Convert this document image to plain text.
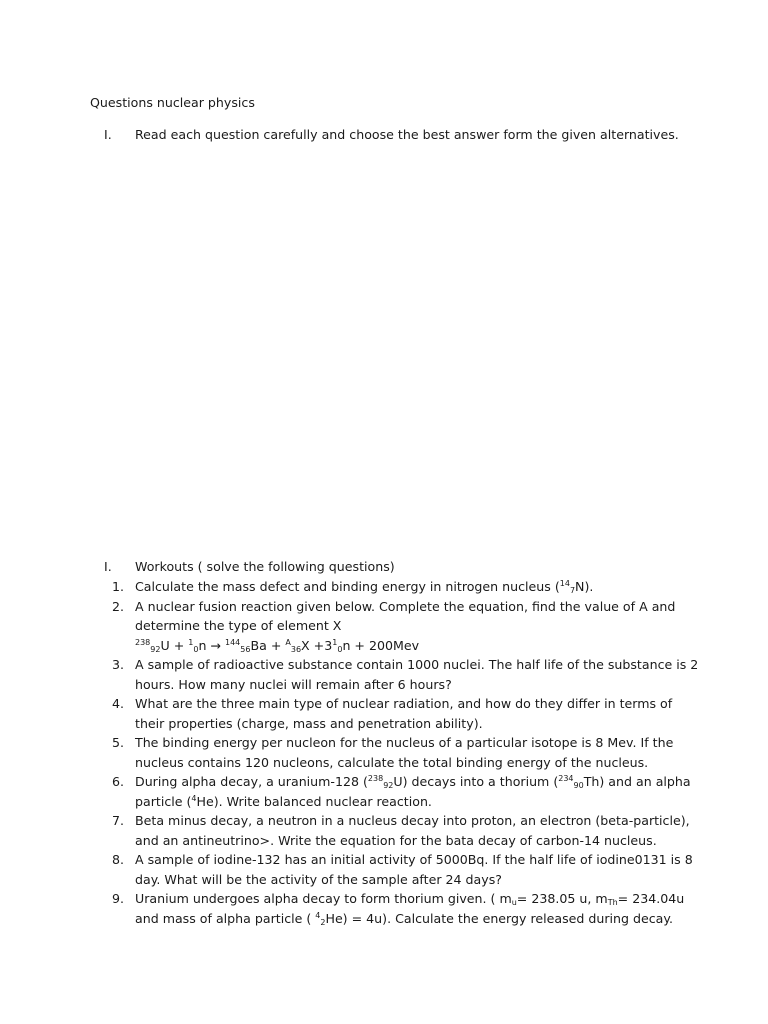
Questions nuclear physics
I. Read each question carefully and choose the best answer form the given alternatives.
I. Workouts ( solve the following questions)
1. Calculate the mass defect and binding energy in nitrogen nucleus ($^{14}_7$N).
2. A nuclear fusion reaction given below. Complete the equation, find the value of A and
determine the type of element X
$^{238}_{92}U + ^1_0n \to ^{144}_{56}Ba + ^A_{36}X +3^1_0n + 200Mev$
3. A sample of radioactive substance contain 1000 nuclei. The half life of the substance is 2
hours. How many nuclei will remain after 6 hours?
4. What are the three main type of nuclear radiation, and how do they differ in terms of
their properties (charge, mass and penetration ability).
5. The binding energy per nucleon for the nucleus of a particular isotope is 8 Mev. If the
nucleus contains 120 nucleons, calculate the total binding energy of the nucleus.
6. During alpha decay, a uranium-128 ($^{238}_{92}$U) decays into a thorium ($^{234}_{90}$Th) and an alpha
particle ($^4$He). Write balanced nuclear reaction.
7. Beta minus decay, a neutron in a nucleus decay into proton, an electron (beta-particle),
and an antineutrino>. Write the equation for the bata decay of carbon-14 nucleus.
8. A sample of iodine-132 has an initial activity of 5000Bq. If the half life of iodine0131 is 8
day. What will be the activity of the sample after 24 days?
9. Uranium undergoes alpha decay to form thorium given. ( $m_u= 238.05$ u, $m_{Th}= 234.04u$
and mass of alpha particle ( $^4_2$He) = 4u). Calculate the energy released during decay.
